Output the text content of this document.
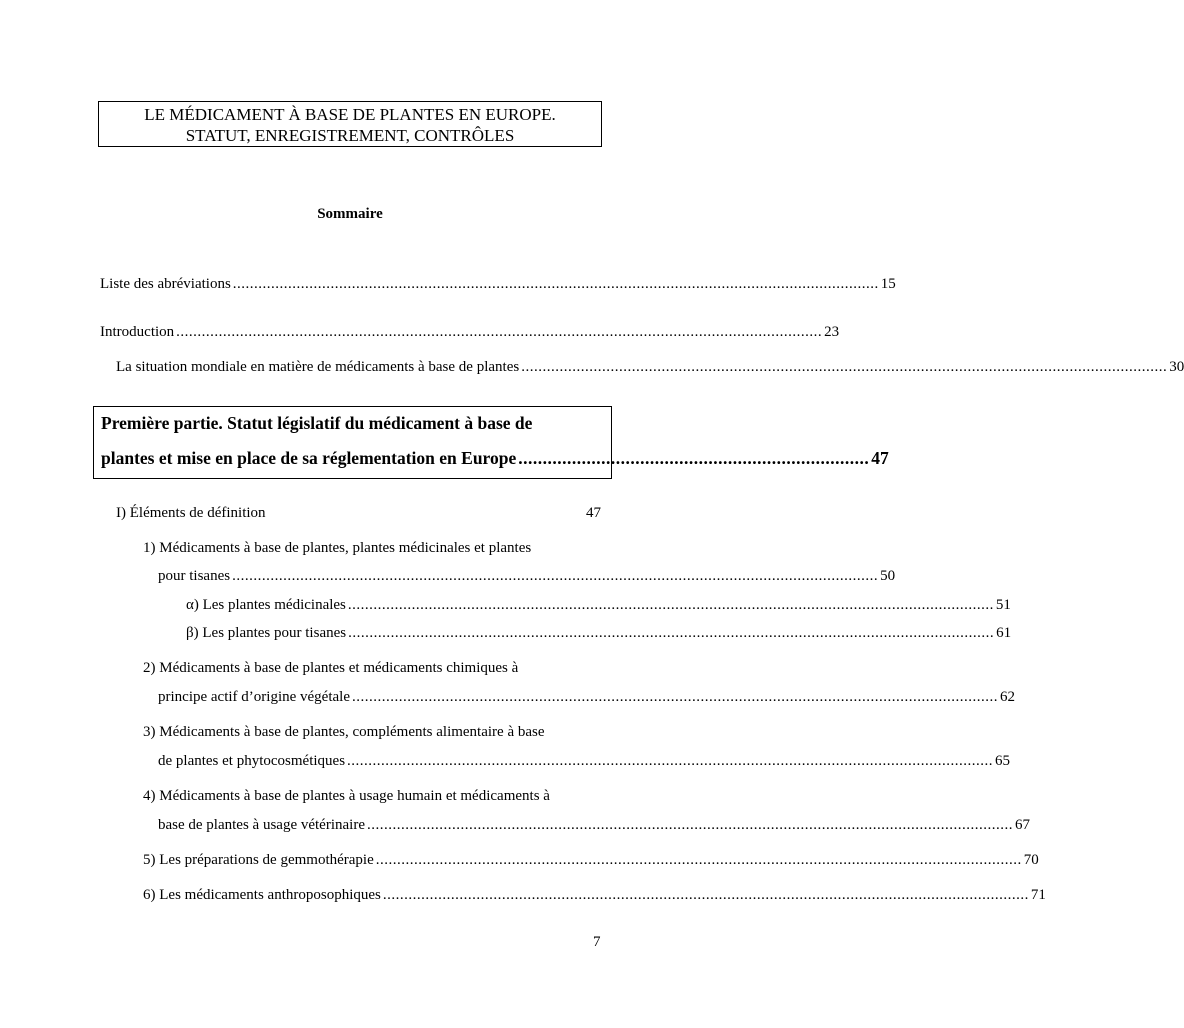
LE MÉDICAMENT À BASE DE PLANTES EN EUROPE.
STATUT, ENREGISTREMENT, CONTRÔLES
Sommaire
Liste des abréviations ........................................................................................................................................................ 15
Introduction ........................................................................................................................................................ 23
La situation mondiale en matière de médicaments à base de plantes ........................................................................................................................................................ 30
Première partie. Statut législatif du médicament à base de
plantes et mise en place de sa réglementation en Europe ........................................................................ 47
I) Éléments de définition	47
1) Médicaments à base de plantes, plantes médicinales et plantes
pour tisanes ........................................................................................................................................................ 50
α) Les plantes médicinales ........................................................................................................................................................ 51
β) Les plantes pour tisanes ........................................................................................................................................................ 61
2) Médicaments à base de plantes et médicaments chimiques à
principe actif d’origine végétale ........................................................................................................................................................ 62
3) Médicaments à base de plantes, compléments alimentaire à base
de plantes et phytocosmétiques ........................................................................................................................................................ 65
4) Médicaments à base de plantes à usage humain et médicaments à
base de plantes à usage vétérinaire ........................................................................................................................................................ 67
5) Les préparations de gemmothérapie ........................................................................................................................................................ 70
6) Les médicaments anthroposophiques ........................................................................................................................................................ 71
7
